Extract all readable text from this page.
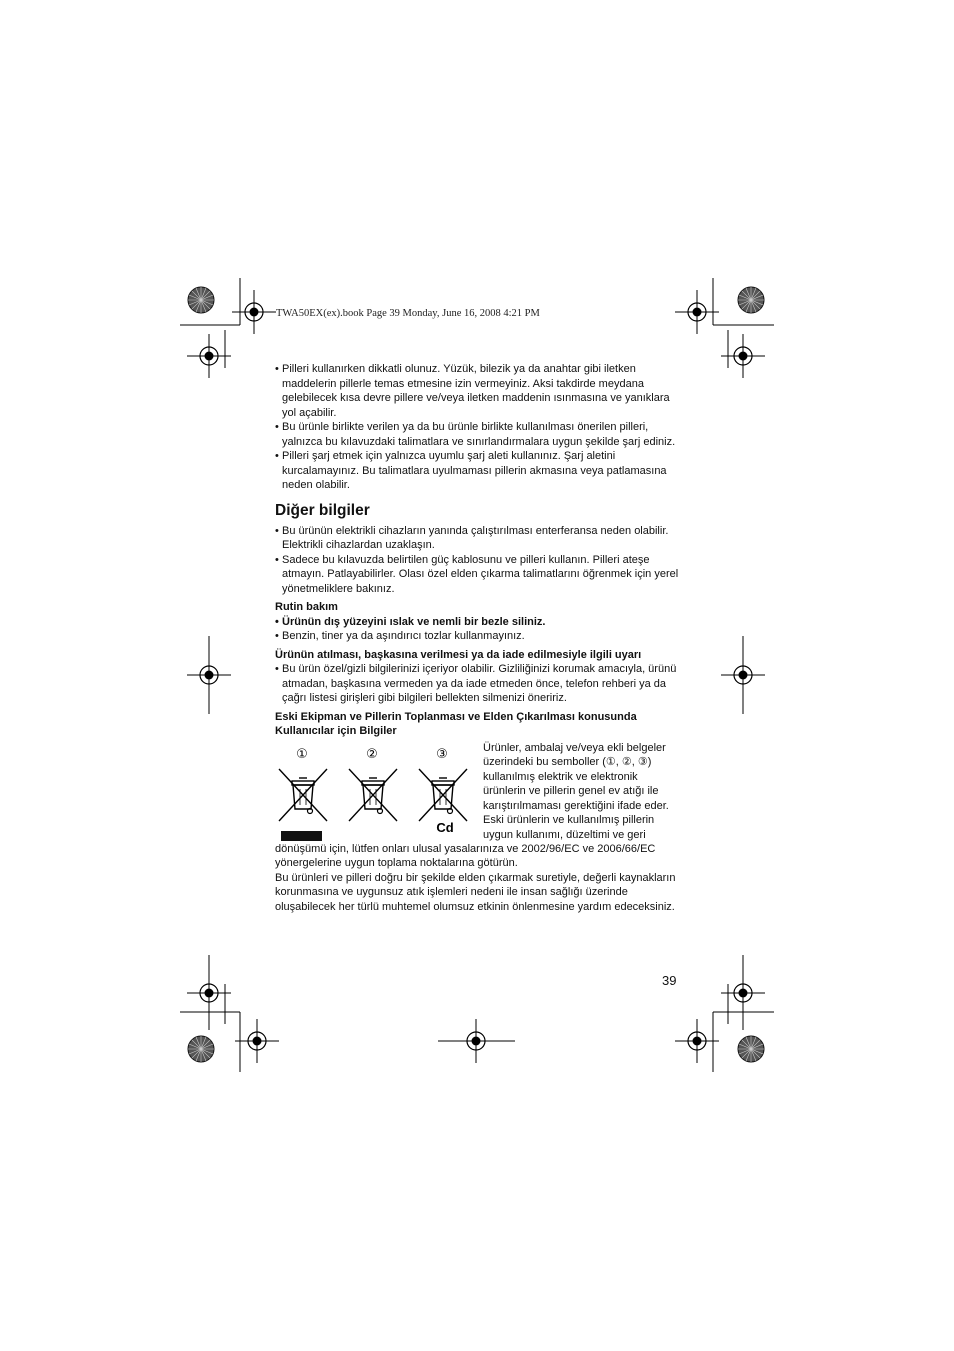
TWA50EX(ex).book Page 39 Monday, June 16, 2008 4:21 PM

• Pilleri kullanırken dikkatli olunuz. Yüzük, bilezik ya da anahtar gibi iletken maddelerin pillerle temas etmesine izin vermeyiniz. Aksi takdirde meydana gelebilecek kısa devre pillere ve/veya iletken maddenin ısınmasına ve yanıklara yol açabilir.

• Bu ürünle birlikte verilen ya da bu ürünle birlikte kullanılması önerilen pilleri, yalnızca bu kılavuzdaki talimatlara ve sınırlandırmalara uygun şekilde şarj ediniz.

• Pilleri şarj etmek için yalnızca uyumlu şarj aleti kullanınız. Şarj aletini kurcalamayınız. Bu talimatlara uyulmaması pillerin akmasına veya patlamasına neden olabilir.

Diğer bilgiler

• Bu ürünün elektrikli cihazların yanında çalıştırılması enterferansa neden olabilir. Elektrikli cihazlardan uzaklaşın.

• Sadece bu kılavuzda belirtilen güç kablosunu ve pilleri kullanın. Pilleri ateşe atmayın. Patlayabilirler. Olası özel elden çıkarma talimatlarını öğrenmek için yerel yönetmeliklere bakınız.

Rutin bakım

• Ürünün dış yüzeyini ıslak ve nemli bir bezle siliniz.

• Benzin, tiner ya da aşındırıcı tozlar kullanmayınız.

Ürünün atılması, başkasına verilmesi ya da iade edilmesiyle ilgili uyarı

• Bu ürün özel/gizli bilgilerinizi içeriyor olabilir. Gizliliğinizi korumak amacıyla, ürünü atmadan, başkasına vermeden ya da iade etmeden önce, telefon rehberi ya da çağrı listesi girişleri gibi bilgileri bellekten silmenizi öneririz.

Eski Ekipman ve Pillerin Toplanması ve Elden Çıkarılması konusunda Kullanıcılar için Bilgiler

①	②	③
Cd

Ürünler, ambalaj ve/veya ekli belgeler üzerindeki bu semboller (①, ②, ③) kullanılmış elektrik ve elektronik ürünlerin ve pillerin genel ev atığı ile karıştırılmaması gerektiğini ifade eder. Eski ürünlerin ve kullanılmış pillerin uygun kullanımı, düzeltimi ve geri

dönüşümü için, lütfen onları ulusal yasalarınıza ve 2002/96/EC ve 2006/66/EC yönergelerine uygun toplama noktalarına götürün.

Bu ürünleri ve pilleri doğru bir şekilde elden çıkarmak suretiyle, değerli kaynakların korunmasına ve uygunsuz atık işlemleri nedeni ile insan sağlığı üzerinde oluşabilecek her türlü muhtemel olumsuz etkinin önlenmesine yardım edeceksiniz.

39
